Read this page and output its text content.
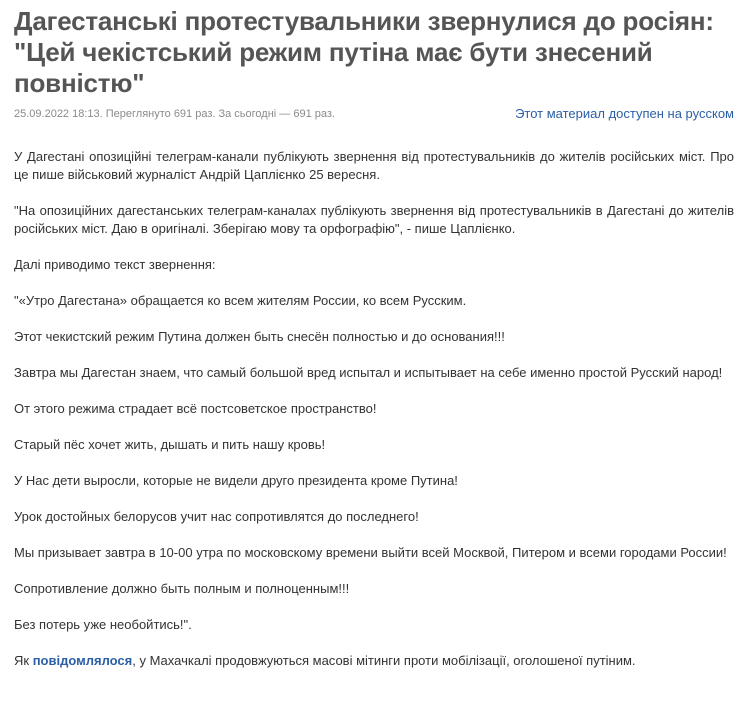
Дагестанські протестувальники звернулися до росіян: "Цей чекістський режим путіна має бути знесений повністю"
25.09.2022 18:13. Переглянуто 691 раз. За сьогодні — 691 раз.	Этот материал доступен на русском

У Дагестані опозиційні телеграм-канали публікують звернення від протестувальників до жителів російських міст. Про це пише військовий журналіст Андрій Цаплієнко 25 вересня.

"На опозиційних дагестанських телеграм-каналах публікують звернення від протестувальників в Дагестані до жителів російських міст. Даю в оригіналі. Зберігаю мову та орфографію", - пише Цаплієнко.

Далі приводимо текст звернення:

"«Утро Дагестана» обращается ко всем жителям России, ко всем Русским.

Этот чекистский режим Путина должен быть снесён полностью и до основания!!!

Завтра мы Дагестан знаем, что самый большой вред испытал и испытывает на себе именно простой Русский народ!

От этого режима страдает всё постсоветское пространство!

Старый пёс хочет жить, дышать и пить нашу кровь!

У Нас дети выросли, которые не видели друго президента кроме Путина!

Урок достойных белорусов учит нас сопротивлятся до последнего!

Мы призывает завтра в 10-00 утра по московскому времени выйти всей Москвой, Питером и всеми городами России!

Сопротивление должно быть полным и полноценным!!!

Без потерь уже необойтись!".

Як повідомлялося, у Махачкалі продовжуються масові мітинги проти мобілізації, оголошеної путіним.
